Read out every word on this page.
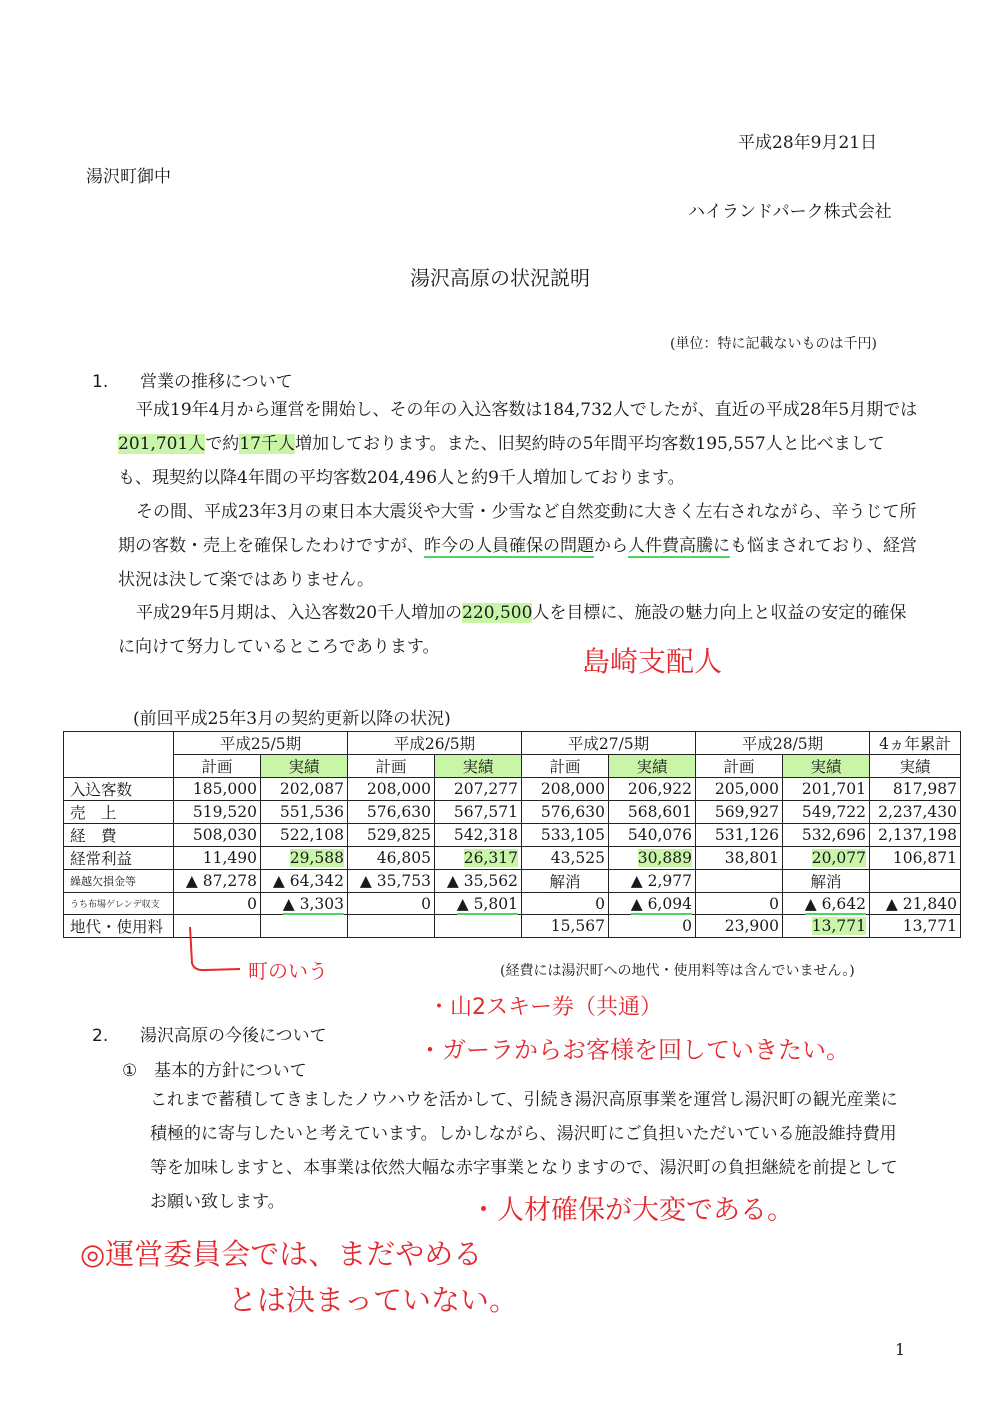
平成28年9月21日
湯沢町御中
ハイランドパーク株式会社
湯沢高原の状況説明
(単位：特に記載ないものは千円)
1. 営業の推移について
平成19年4月から運営を開始し、その年の入込客数は184,732人でしたが、直近の平成28年5月期では201,701人で約17千人増加しております。また、旧契約時の5年間平均客数195,557人と比べましても、現契約以降4年間の平均客数204,496人と約9千人増加しております。
その間、平成23年3月の東日本大震災や大雪・少雪など自然変動に大きく左右されながら、辛うじて所期の客数・売上を確保したわけですが、昨今の人員確保の問題から人件費高騰にも悩まされており、経営状況は決して楽ではありません。
平成29年5月期は、入込客数20千人増加の220,500人を目標に、施設の魅力向上と収益の安定的確保に向けて努力しているところであります。	島崎支配人
(前回平成25年3月の契約更新以降の状況)
	平成25/5期		平成26/5期		平成27/5期		平成28/5期		4ヵ年累計
	計画	実績	計画	実績	計画	実績	計画	実績	実績
入込客数	185,000	202,087	208,000	207,277	208,000	206,922	205,000	201,701	817,987
売　上	519,520	551,536	576,630	567,571	576,630	568,601	569,927	549,722	2,237,430
経　費	508,030	522,108	529,825	542,318	533,105	540,076	531,126	532,696	2,137,198
経常利益	11,490	29,588	46,805	26,317	43,525	30,889	38,801	20,077	106,871
繰越欠損金等	▲ 87,278	▲ 64,342	▲ 35,753	▲ 35,562	解消	▲ 2,977		解消	
うち布場ゲレンデ収支	0	▲ 3,303	0	▲ 5,801	0	▲ 6,094	0	▲ 6,642	▲ 21,840
地代・使用料					15,567	0	23,900	13,771	13,771
町のいう	(経費には湯沢町への地代・使用料等は含んでいません。)
・山2スキー券（共通）
・ガーラからお客様を回していきたい。
2. 湯沢高原の今後について
① 基本的方針について
これまで蓄積してきましたノウハウを活かして、引続き湯沢高原事業を運営し湯沢町の観光産業に積極的に寄与したいと考えています。しかしながら、湯沢町にご負担いただいている施設維持費用等を加味しますと、本事業は依然大幅な赤字事業となりますので、湯沢町の負担継続を前提としてお願い致します。	・人材確保が大変である。
◎運営委員会では、まだやめる
とは決まっていない。
1
